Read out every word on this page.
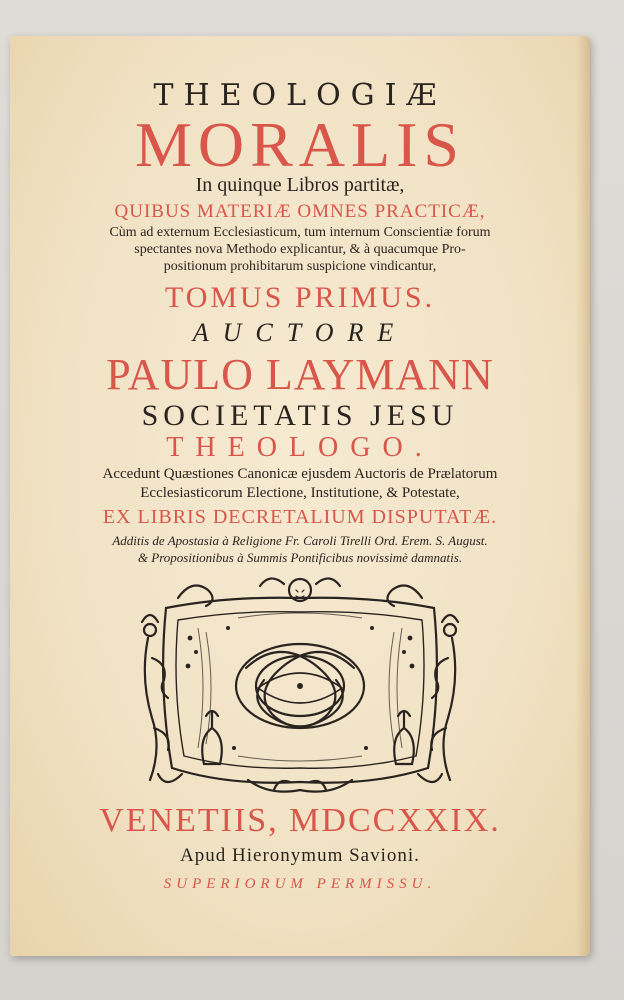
THEOLOGIÆ
MORALIS
In quinque Libros partitæ,
QUIBUS MATERIÆ OMNES PRACTICÆ,
Cùm ad externum Ecclesiasticum, tum internum Conscientiæ forum
spectantes nova Methodo explicantur, & à quacumque Pro-
positionum prohibitarum suspicione vindicantur,
TOMUS PRIMUS.
AUCTORE
PAULO LAYMANN
SOCIETATIS JESU
THEOLOGO.
Accedunt Quæstiones Canonicæ ejusdem Auctoris de Prælatorum
Ecclesiasticorum Electione, Institutione, & Potestate,
EX LIBRIS DECRETALIUM DISPUTATÆ.
Additis de Apostasia à Religione Fr. Caroli Tirelli Ord. Erem. S. August.
& Propositionibus à Summis Pontificibus novissimè damnatis.
VENETIIS, MDCCXXIX.
Apud Hieronymum Savioni.
SUPERIORUM PERMISSU.
